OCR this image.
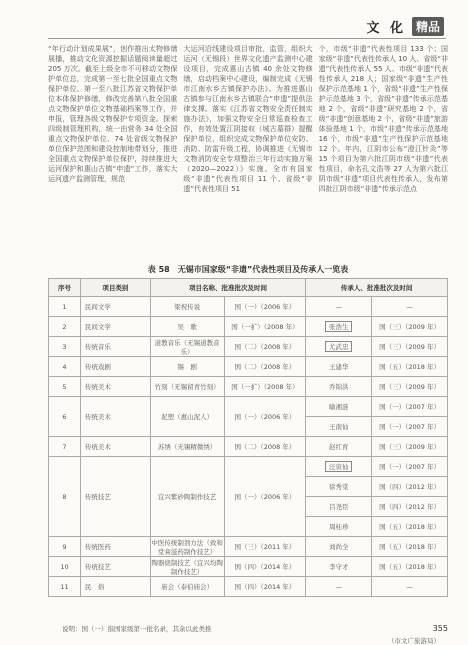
文 化 精品
“年行动计划成果展”，创作推出太物修缮展播，推动文化资源挖掘话题阅读量超过 205 万次。截至上级全市不可移动文物保护单位总，完成第一至七批全国重点文物保护单位、第一至八批江苏省文物保护单位本体保护修缮，修改完善第八批全国重点文物保护单位文物基础档案等工作，并申报，管理各级文物保护专项资金。探索四级制管理机构，统一由营务 34 处全国重点文物保护单位、74 处省级文物保护单位保护范围和建设控制地带划分，推进全国重点文物保护单位保护，持续推进大运河保护和惠山古镇“申遗”工作，落实大运河遗产监测管理，规范
大运河沿线建设项目审批，监管，组织大运河（无锡段）世界文化遗产监测中心建设项目，完成惠山古镇 40 余处文物修缮，启动档案中心建设，编制完成《无锡市江南水乡古镇保护办法》。为推进惠山古镇参与江南水乡古镇联合“申遗”提供法律支撑。落实《江苏省文物安全责任制实施办法》，加强文物安全日常巡查检查工作，有效处置江阴接収（城古墓群）提醒保护单位，组织完成文物保护单位安防、消防、防雷升级工程，协调推进《无锡市文物消防安全专项整治三年行动实施方案（2020—2022）》实施。全市有国家级“非遗”代表性项目 11 个、省级“非遗”代表性项目 51
个，市级“非遗”代表性项目 133 个；国家级“非遗”代表性传承人 10 人、省级“非遗”代表性传承人 55 人、市级“非遗”代表性传承人 218 人；国家级“非遗”生产性保护示范基地 1 个，省级“非遗”生产性保护示范基地 3 个，省级“非遗”传承示范基地 2 个，省级“非遗”研究基地 2 个，省级“非遗”创意基地 2 个，省级“非遗”旅游体验基地 1 个，市级“非遗”传承示范基地 16 个，市级“非遗”生产性保护示范基地 12 个。年内，江阴市公布“澄江针灸”等 15 个项目为第六批江阴市级“非遗”代表性项目，命名孔文浩等 27 人为第六批江阴市级“非遗”项目代表性传承人，发布第四批江阴市级“非遗”传承示范点
表 58　无锡市国家级“非遗”代表性项目及传承人一览表
序号	项目类别	项目名称、批准批次及时间		传承人、批准批次及时间	
1	民间文学	梁祝传说	国（一）（2006 年）	—	—
2	民间文学	吴　歌	国（一扩）（2008 年）	张浩生	国（三）（2009 年）
3	传统音乐	道教音乐（无锡道教音乐）	国（二）（2008 年）	尤武忠	国（三）（2009 年）
4	传统戏剧	锡　剧	国（二）（2008 年）	王建华	国（五）（2018 年）
5	传统美术	竹刻（无锡留青竹刻）	国（一扩）（2008 年）	乔锦洪	国（三）（2009 年）
6	传统美术	泥塑（惠山泥人）	国（一）（2006 年）	喻湘涟	国（一）（2007 年）
				王南仙	国（一）（2007 年）
7	传统美术	苏绣（无锡精微绣）	国（二）（2008 年）	赵红育	国（三）（2009 年）
8	传统技艺	宜兴紫砂陶制作技艺	国（一）（2006 年）	汪寅仙	国（一）（2007 年）
				徐秀棠	国（四）（2012 年）
				吕尧臣	国（四）（2012 年）
				周桂珍	国（五）（2018 年）
9	传统医药	中医传统制剂方法（致和堂膏滋药制作技艺）	国（三）（2011 年）	刘尚全	国（五）（2018 年）
10	传统技艺	陶器烧制技艺（宜兴均陶制作技艺）	国（四）（2014 年）	李守才	国（五）（2018 年）
11	民　俗	庙会（泰伯庙会）	国（四）（2014 年）	—	—
说明：国（一）指国家级第一批名录，其余以此类推
（市文广旅游局）
355
